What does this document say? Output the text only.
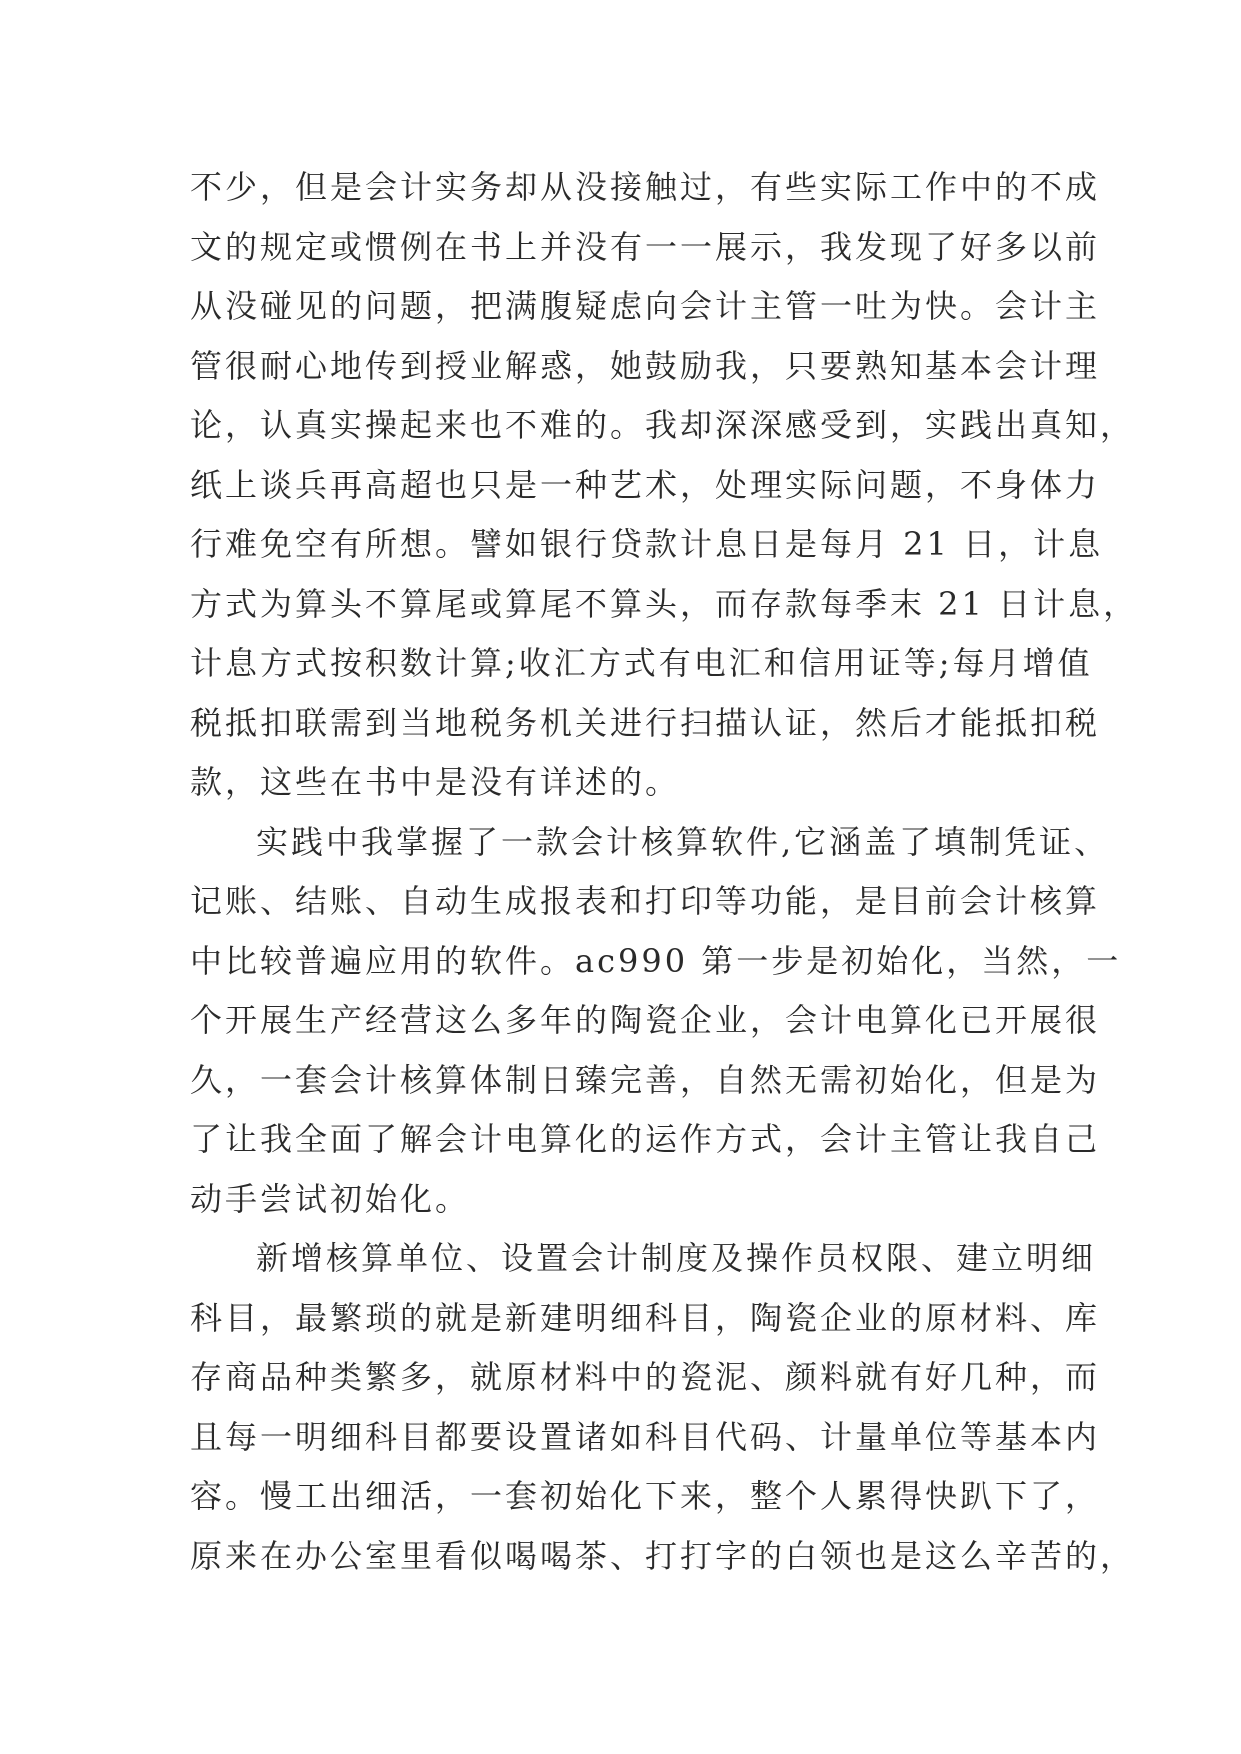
不少，但是会计实务却从没接触过，有些实际工作中的不成
文的规定或惯例在书上并没有一一展示，我发现了好多以前
从没碰见的问题，把满腹疑虑向会计主管一吐为快。会计主
管很耐心地传到授业解惑，她鼓励我，只要熟知基本会计理
论，认真实操起来也不难的。我却深深感受到，实践出真知，
纸上谈兵再高超也只是一种艺术，处理实际问题，不身体力
行难免空有所想。譬如银行贷款计息日是每月 21 日，计息
方式为算头不算尾或算尾不算头，而存款每季末 21 日计息，
计息方式按积数计算;收汇方式有电汇和信用证等;每月增值
税抵扣联需到当地税务机关进行扫描认证，然后才能抵扣税
款，这些在书中是没有详述的。
实践中我掌握了一款会计核算软件,它涵盖了填制凭证、
记账、结账、自动生成报表和打印等功能，是目前会计核算
中比较普遍应用的软件。ac990 第一步是初始化，当然，一
个开展生产经营这么多年的陶瓷企业，会计电算化已开展很
久，一套会计核算体制日臻完善，自然无需初始化，但是为
了让我全面了解会计电算化的运作方式，会计主管让我自己
动手尝试初始化。
新增核算单位、设置会计制度及操作员权限、建立明细
科目，最繁琐的就是新建明细科目，陶瓷企业的原材料、库
存商品种类繁多，就原材料中的瓷泥、颜料就有好几种，而
且每一明细科目都要设置诸如科目代码、计量单位等基本内
容。慢工出细活，一套初始化下来，整个人累得快趴下了，
原来在办公室里看似喝喝茶、打打字的白领也是这么辛苦的，
